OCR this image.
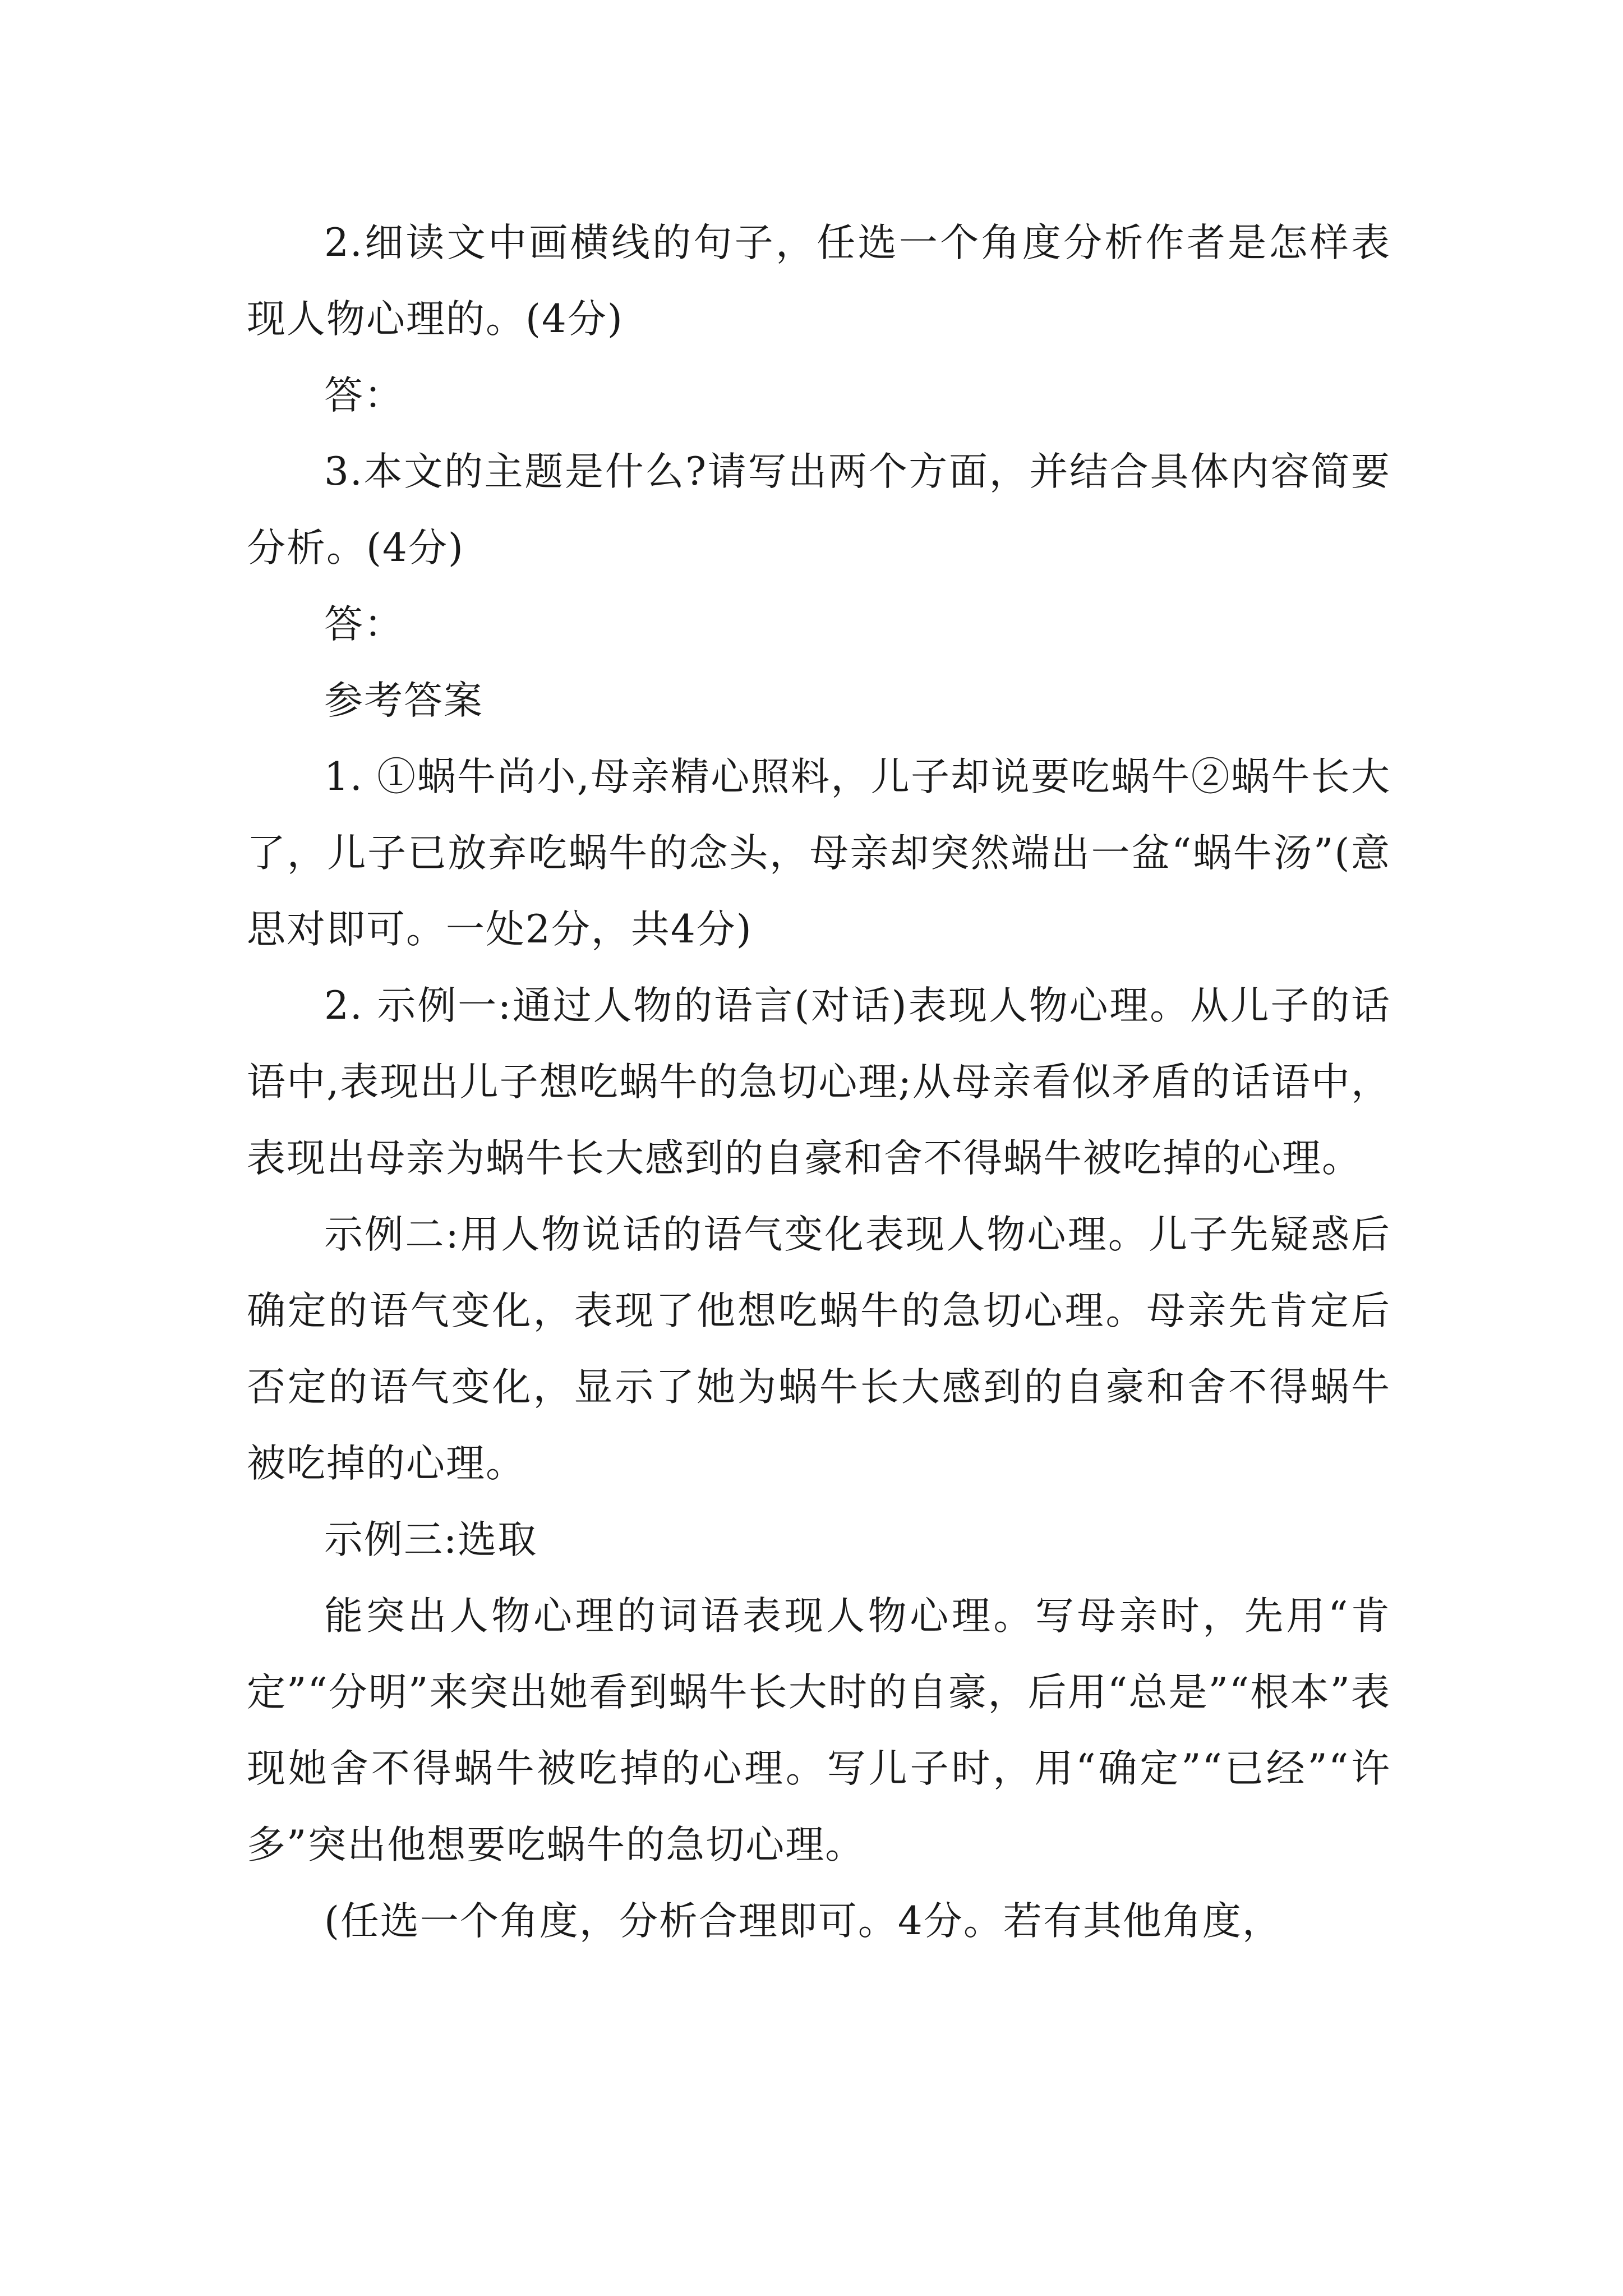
2.细读文中画横线的句子，任选一个角度分析作者是怎样表现人物心理的。(4分)

答：

3.本文的主题是什么?请写出两个方面，并结合具体内容简要分析。(4分)

答：

参考答案

1. ①蜗牛尚小,母亲精心照料，儿子却说要吃蜗牛②蜗牛长大了，儿子已放弃吃蜗牛的念头，母亲却突然端出一盆“蜗牛汤”(意思对即可。一处2分，共4分)

2. 示例一:通过人物的语言(对话)表现人物心理。从儿子的话语中,表现出儿子想吃蜗牛的急切心理;从母亲看似矛盾的话语中，表现出母亲为蜗牛长大感到的自豪和舍不得蜗牛被吃掉的心理。

示例二:用人物说话的语气变化表现人物心理。儿子先疑惑后确定的语气变化，表现了他想吃蜗牛的急切心理。母亲先肯定后否定的语气变化，显示了她为蜗牛长大感到的自豪和舍不得蜗牛被吃掉的心理。

示例三:选取

能突出人物心理的词语表现人物心理。写母亲时，先用“肯定”“分明”来突出她看到蜗牛长大时的自豪，后用“总是”“根本”表现她舍不得蜗牛被吃掉的心理。写儿子时，用“确定”“已经”“许多”突出他想要吃蜗牛的急切心理。

(任选一个角度，分析合理即可。4分。若有其他角度，
